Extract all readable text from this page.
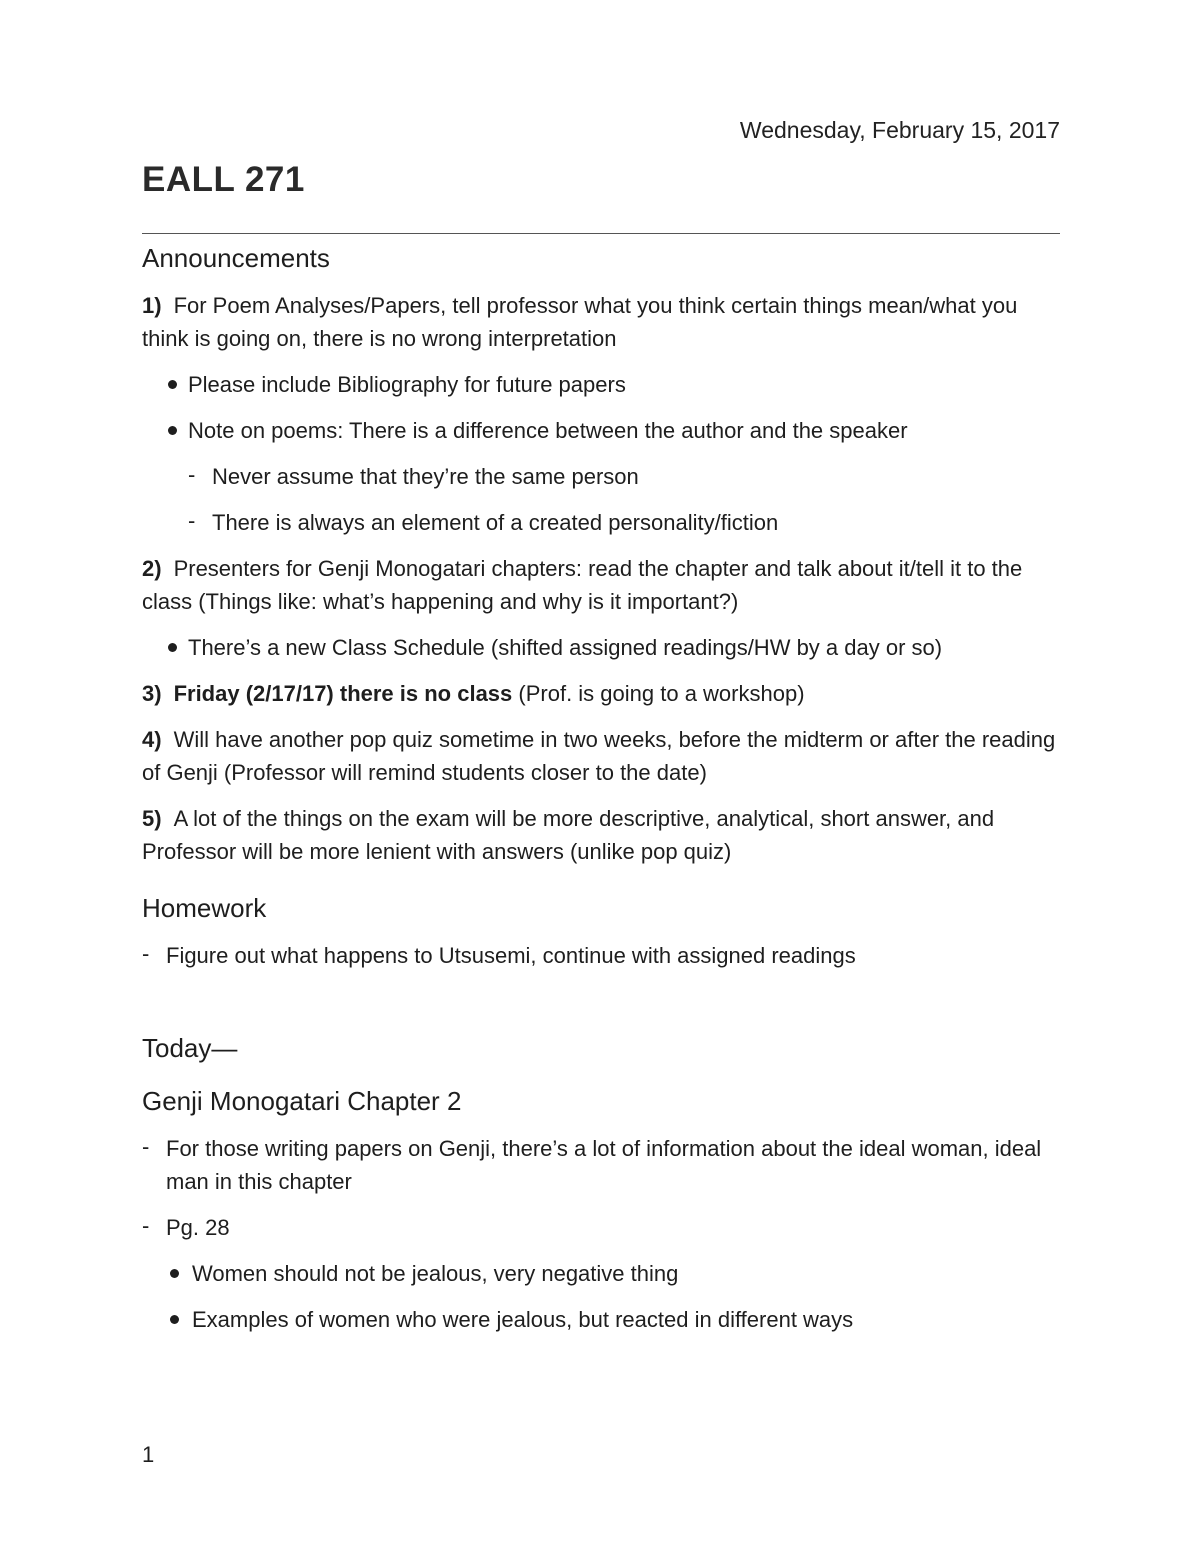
Wednesday, February 15, 2017
EALL 271
Announcements

1) For Poem Analyses/Papers, tell professor what you think certain things mean/what you think is going on, there is no wrong interpretation

Please include Bibliography for future papers

Note on poems: There is a difference between the author and the speaker

- Never assume that they’re the same person

- There is always an element of a created personality/fiction

2) Presenters for Genji Monogatari chapters: read the chapter and talk about it/tell it to the class (Things like: what’s happening and why is it important?)

There’s a new Class Schedule (shifted assigned readings/HW by a day or so)

3) Friday (2/17/17) there is no class (Prof. is going to a workshop)

4) Will have another pop quiz sometime in two weeks, before the midterm or after the reading of Genji (Professor will remind students closer to the date)

5) A lot of the things on the exam will be more descriptive, analytical, short answer, and Professor will be more lenient with answers (unlike pop quiz)

Homework

- Figure out what happens to Utsusemi, continue with assigned readings

Today—
Genji Monogatari Chapter 2

- For those writing papers on Genji, there’s a lot of information about the ideal woman, ideal man in this chapter

- Pg. 28

Women should not be jealous, very negative thing

Examples of women who were jealous, but reacted in different ways

1
